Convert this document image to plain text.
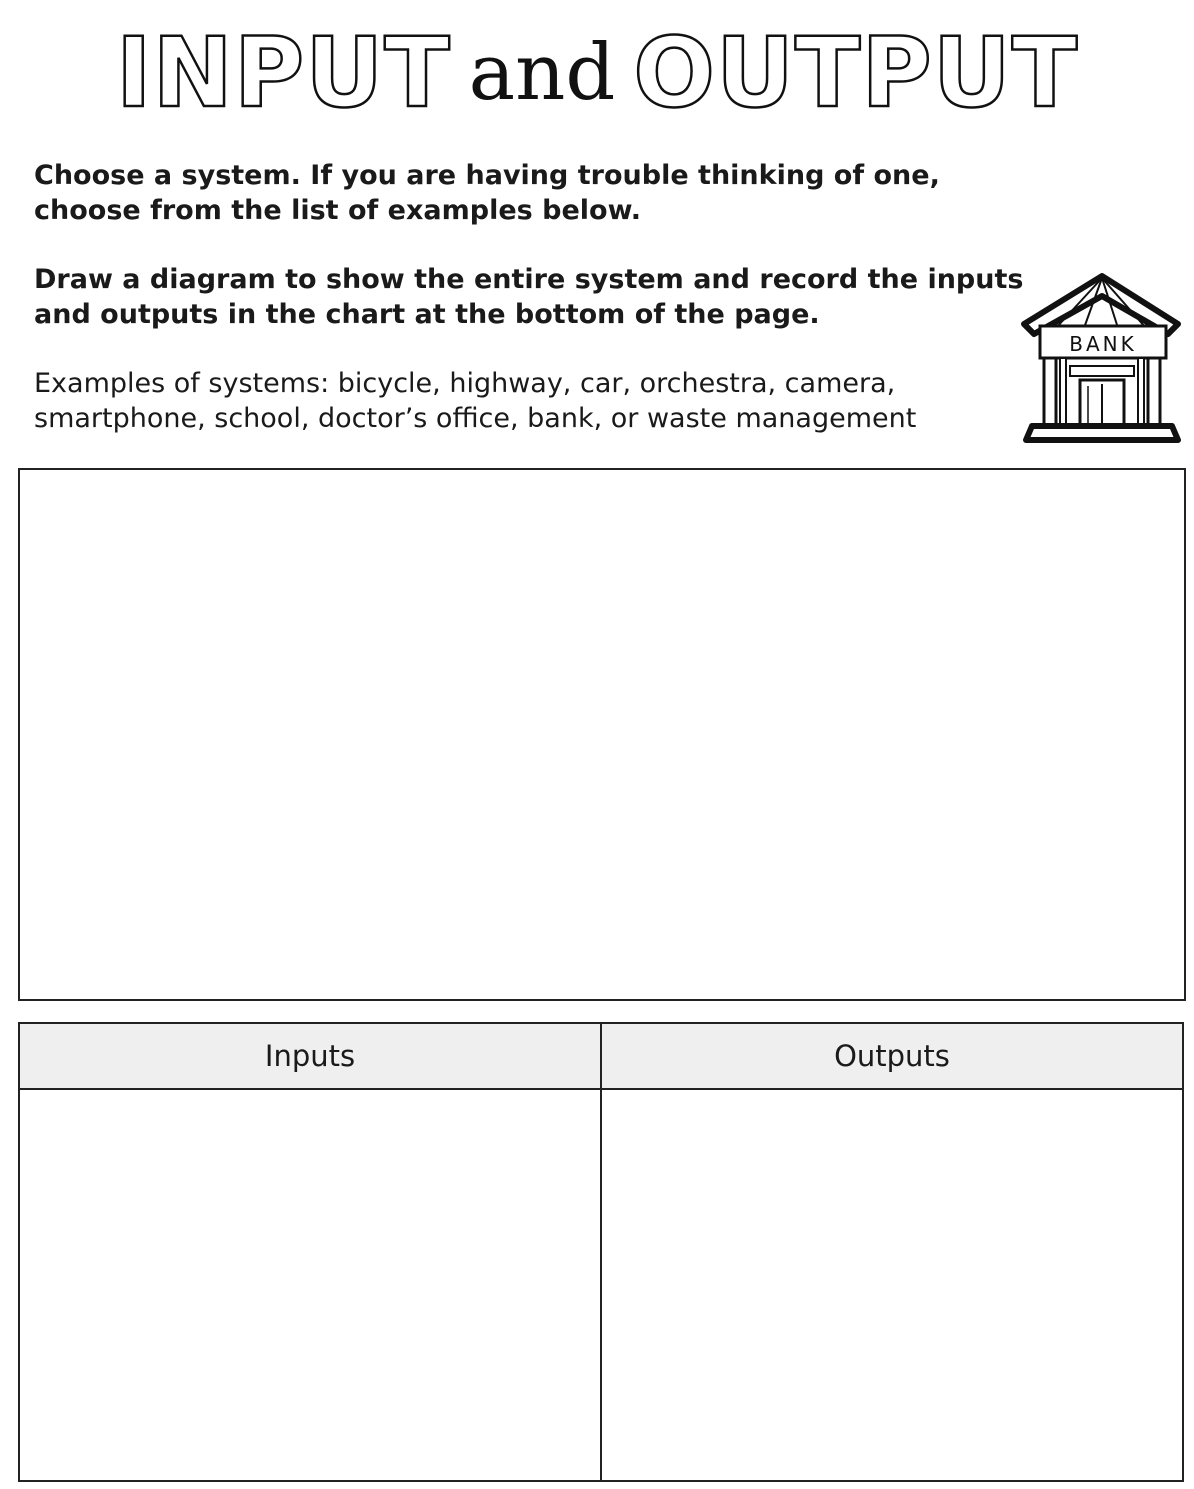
INPUT and OUTPUT

Choose a system. If you are having trouble thinking of one, choose from the list of examples below.

Draw a diagram to show the entire system and record the inputs and outputs in the chart at the bottom of the page.

Examples of systems: bicycle, highway, car, orchestra, camera, smartphone, school, doctor’s office, bank, or waste management

BANK
Inputs	Outputs
